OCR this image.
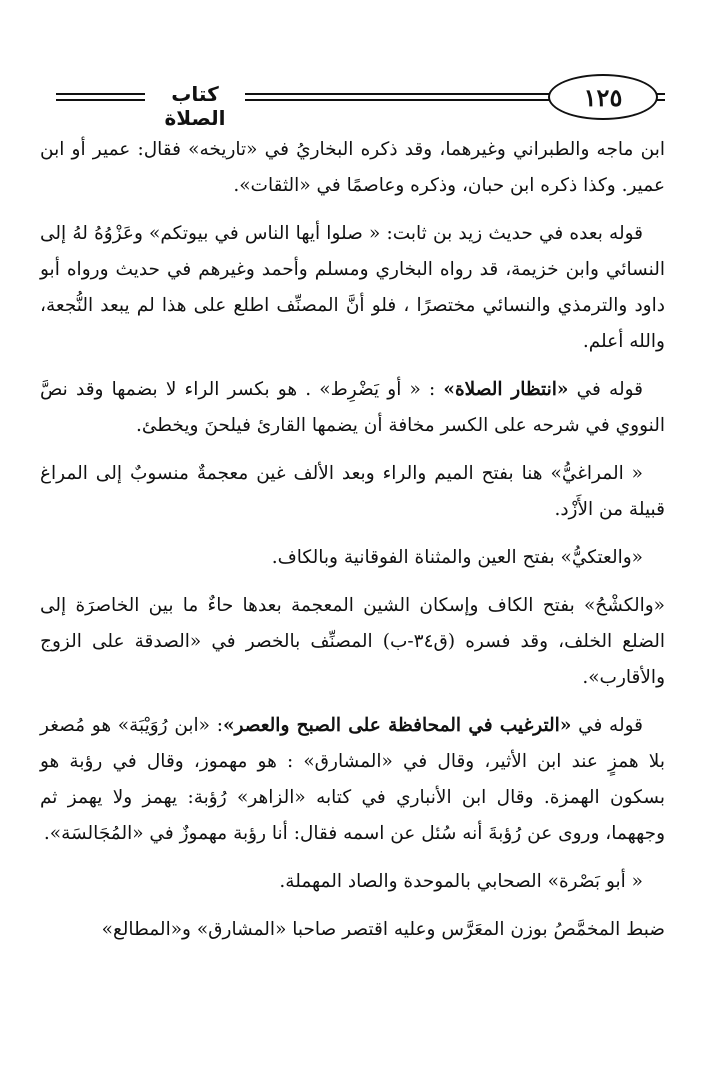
كتاب الصلاة
١٢٥

ابن ماجه والطبراني وغيرهما، وقد ذكره البخاريُ في «تاريخه» فقال: عمير أو ابن عمير. وكذا ذكره ابن حبان، وذكره وعاصمًا في «الثقات».

قوله بعده في حديث زيد بن ثابت: « صلوا أيها الناس في بيوتكم» وعَزْوُهُ لهُ إلى النسائي وابن خزيمة، قد رواه البخاري ومسلم وأحمد وغيرهم في حديث ورواه أبو داود والترمذي والنسائي مختصرًا ، فلو أنَّ المصنِّف اطلع على هذا لم يبعد النُّجعة، والله أعلم.

قوله في «انتظار الصلاة» : « أو يَضْرِط» . هو بكسر الراء لا بضمها وقد نصَّ النووي في شرحه على الكسر مخافة أن يضمها القارئ فيلحنَ ويخطئ.

« المراغيُّ» هنا بفتح الميم والراء وبعد الألف غين معجمةٌ منسوبٌ إلى المراغ قبيلة من الأَزْد.

«والعتكيُّ» بفتح العين والمثناة الفوقانية وبالكاف.

«والكشْحُ» بفتح الكاف وإسكان الشين المعجمة بعدها حاءٌ ما بين الخاصرَة إلى الضلع الخلف، وقد فسره (ق٣٤-ب) المصنِّف بالخصر في «الصدقة على الزوج والأقارب».

قوله في «الترغيب في المحافظة على الصبح والعصر»: «ابن رُوَيْبَة» هو مُصغر بلا همزٍ عند ابن الأثير، وقال في «المشارق» : هو مهموز، وقال في رؤبة هو بسكون الهمزة. وقال ابن الأنباري في كتابه «الزاهر» رُؤبة: يهمز ولا يهمز ثم وجههما، وروى عن رُؤبةَ أنه سُئل عن اسمه فقال: أنا رؤبة مهموزٌ في «المُجَالسَة».

« أبو بَصْرة» الصحابي بالموحدة والصاد المهملة.

ضبط المخمَّصُ بوزن المعَرَّس وعليه اقتصر صاحبا «المشارق» و«المطالع»
